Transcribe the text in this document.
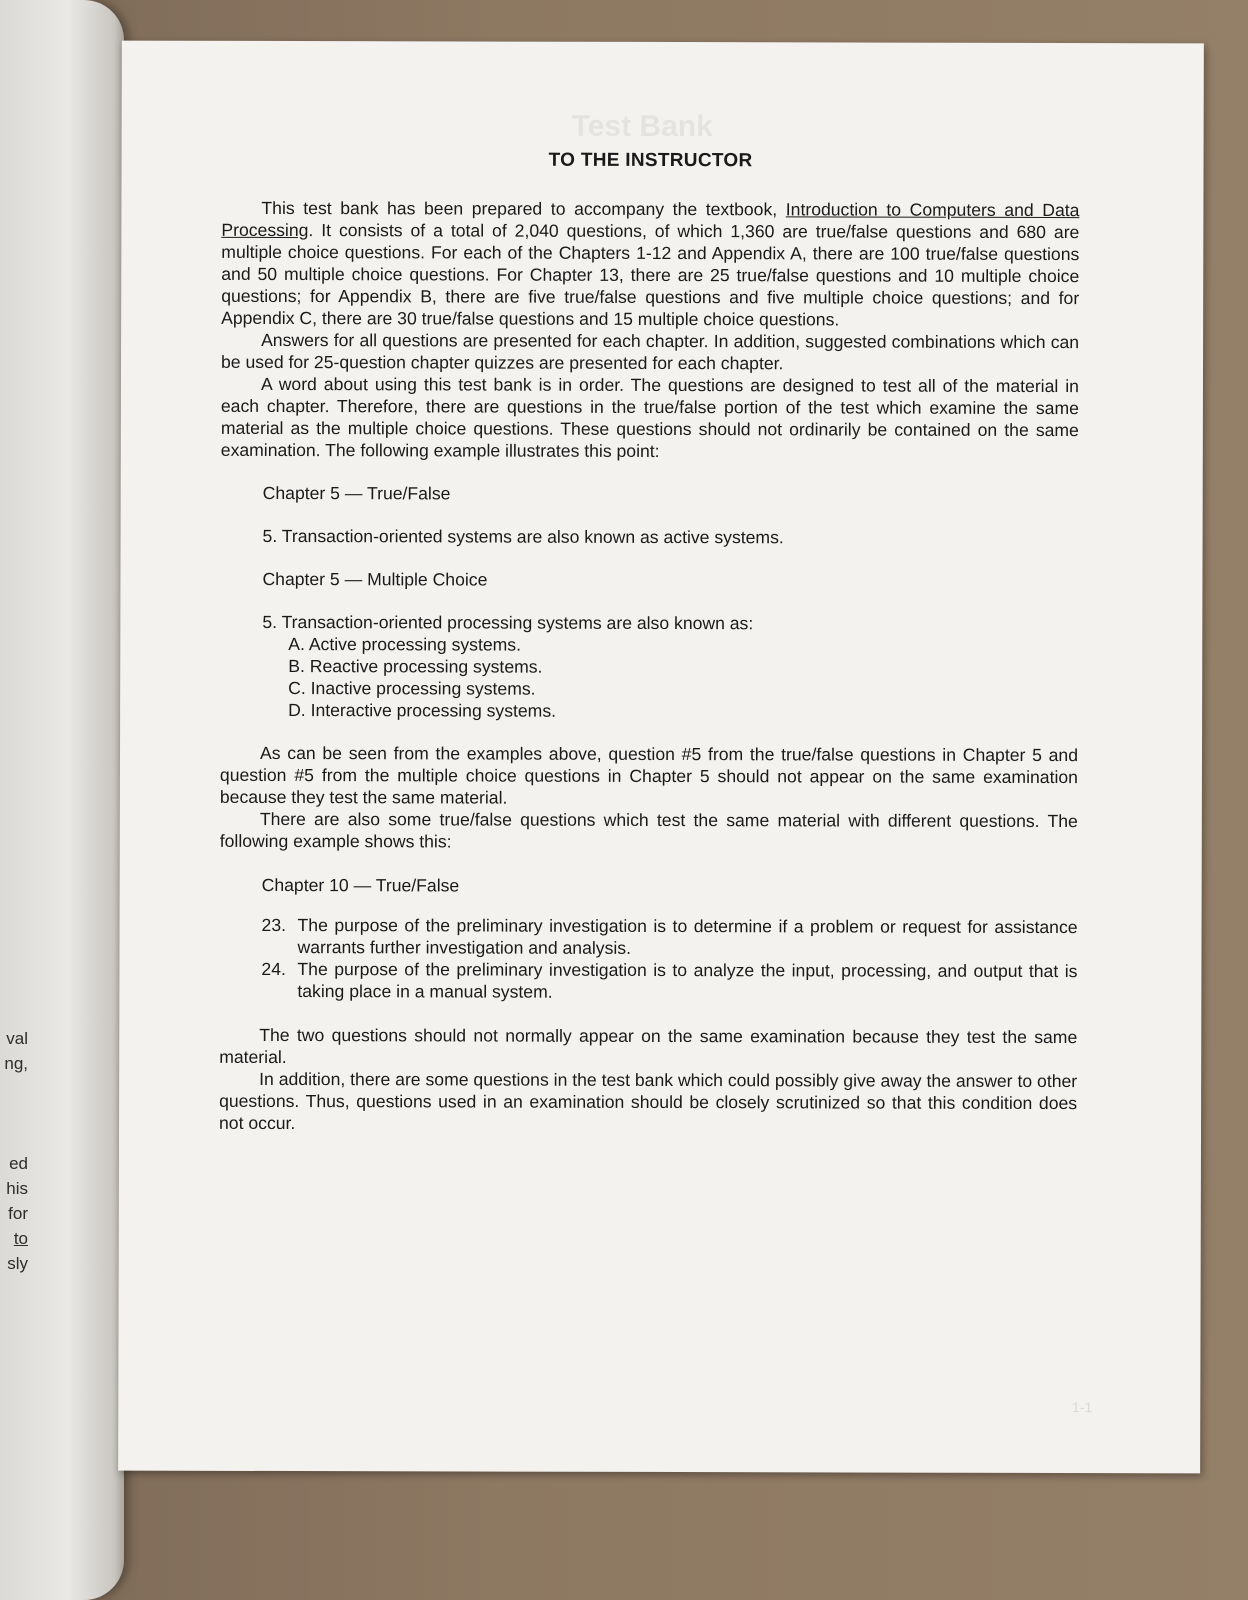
val
ng,
ed
his
for
to
sly
Test Bank
1-1
TO THE INSTRUCTOR

This test bank has been prepared to accompany the textbook, Introduction to Computers and Data Processing. It consists of a total of 2,040 questions, of which 1,360 are true/false questions and 680 are multiple choice questions. For each of the Chapters 1-12 and Appendix A, there are 100 true/false questions and 50 multiple choice questions. For Chapter 13, there are 25 true/false questions and 10 multiple choice questions; for Appendix B, there are five true/false questions and five multiple choice questions; and for Appendix C, there are 30 true/false questions and 15 multiple choice questions.

Answers for all questions are presented for each chapter. In addition, suggested combinations which can be used for 25-question chapter quizzes are presented for each chapter.

A word about using this test bank is in order. The questions are designed to test all of the material in each chapter. Therefore, there are questions in the true/false portion of the test which examine the same material as the multiple choice questions. These questions should not ordinarily be contained on the same examination. The following example illustrates this point:

Chapter 5 — True/False

5. Transaction-oriented systems are also known as active systems.

Chapter 5 — Multiple Choice

5. Transaction-oriented processing systems are also known as:

A. Active processing systems.

B. Reactive processing systems.

C. Inactive processing systems.

D. Interactive processing systems.

As can be seen from the examples above, question #5 from the true/false questions in Chapter 5 and question #5 from the multiple choice questions in Chapter 5 should not appear on the same examination because they test the same material.

There are also some true/false questions which test the same material with different questions. The following example shows this:

Chapter 10 — True/False

23. The purpose of the preliminary investigation is to determine if a problem or request for assistance warrants further investigation and analysis.
24. The purpose of the preliminary investigation is to analyze the input, processing, and output that is taking place in a manual system.

The two questions should not normally appear on the same examination because they test the same material.

In addition, there are some questions in the test bank which could possibly give away the answer to other questions. Thus, questions used in an examination should be closely scrutinized so that this condition does not occur.
